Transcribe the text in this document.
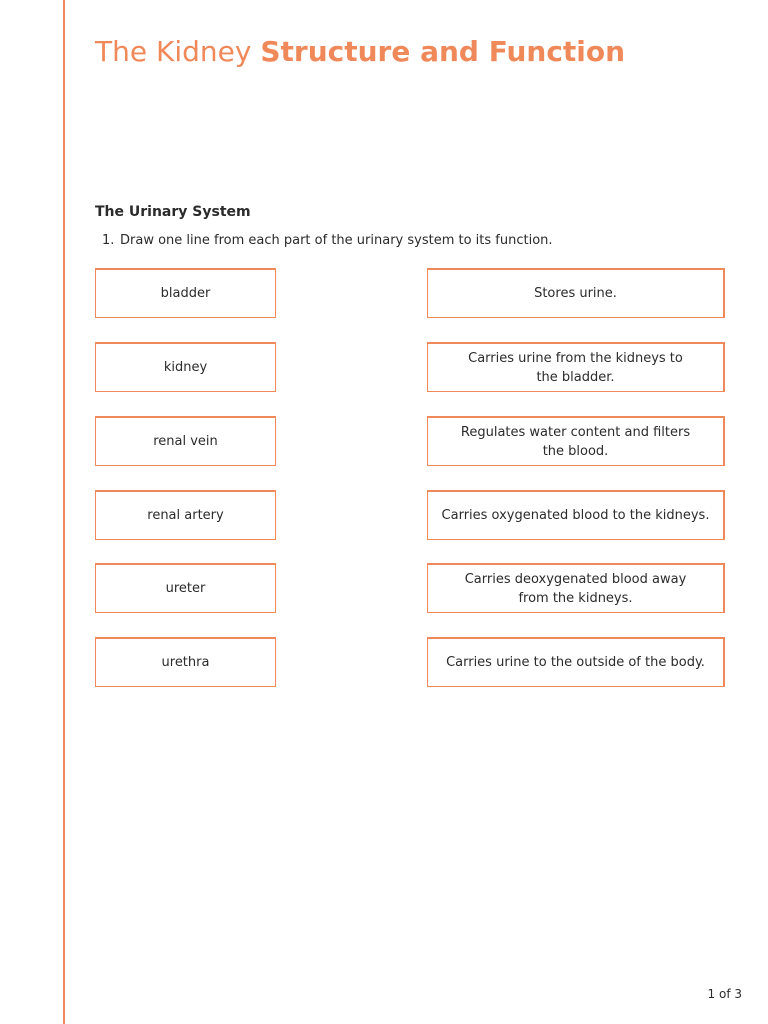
The Kidney Structure and Function
The Urinary System

1. Draw one line from each part of the urinary system to its function.

bladder
kidney
renal vein
renal artery
ureter
urethra
Stores urine.
Carries urine from the kidneys to the bladder.
Regulates water content and filters the blood.
Carries oxygenated blood to the kidneys.
Carries deoxygenated blood away from the kidneys.
Carries urine to the outside of the body.
1 of 3
